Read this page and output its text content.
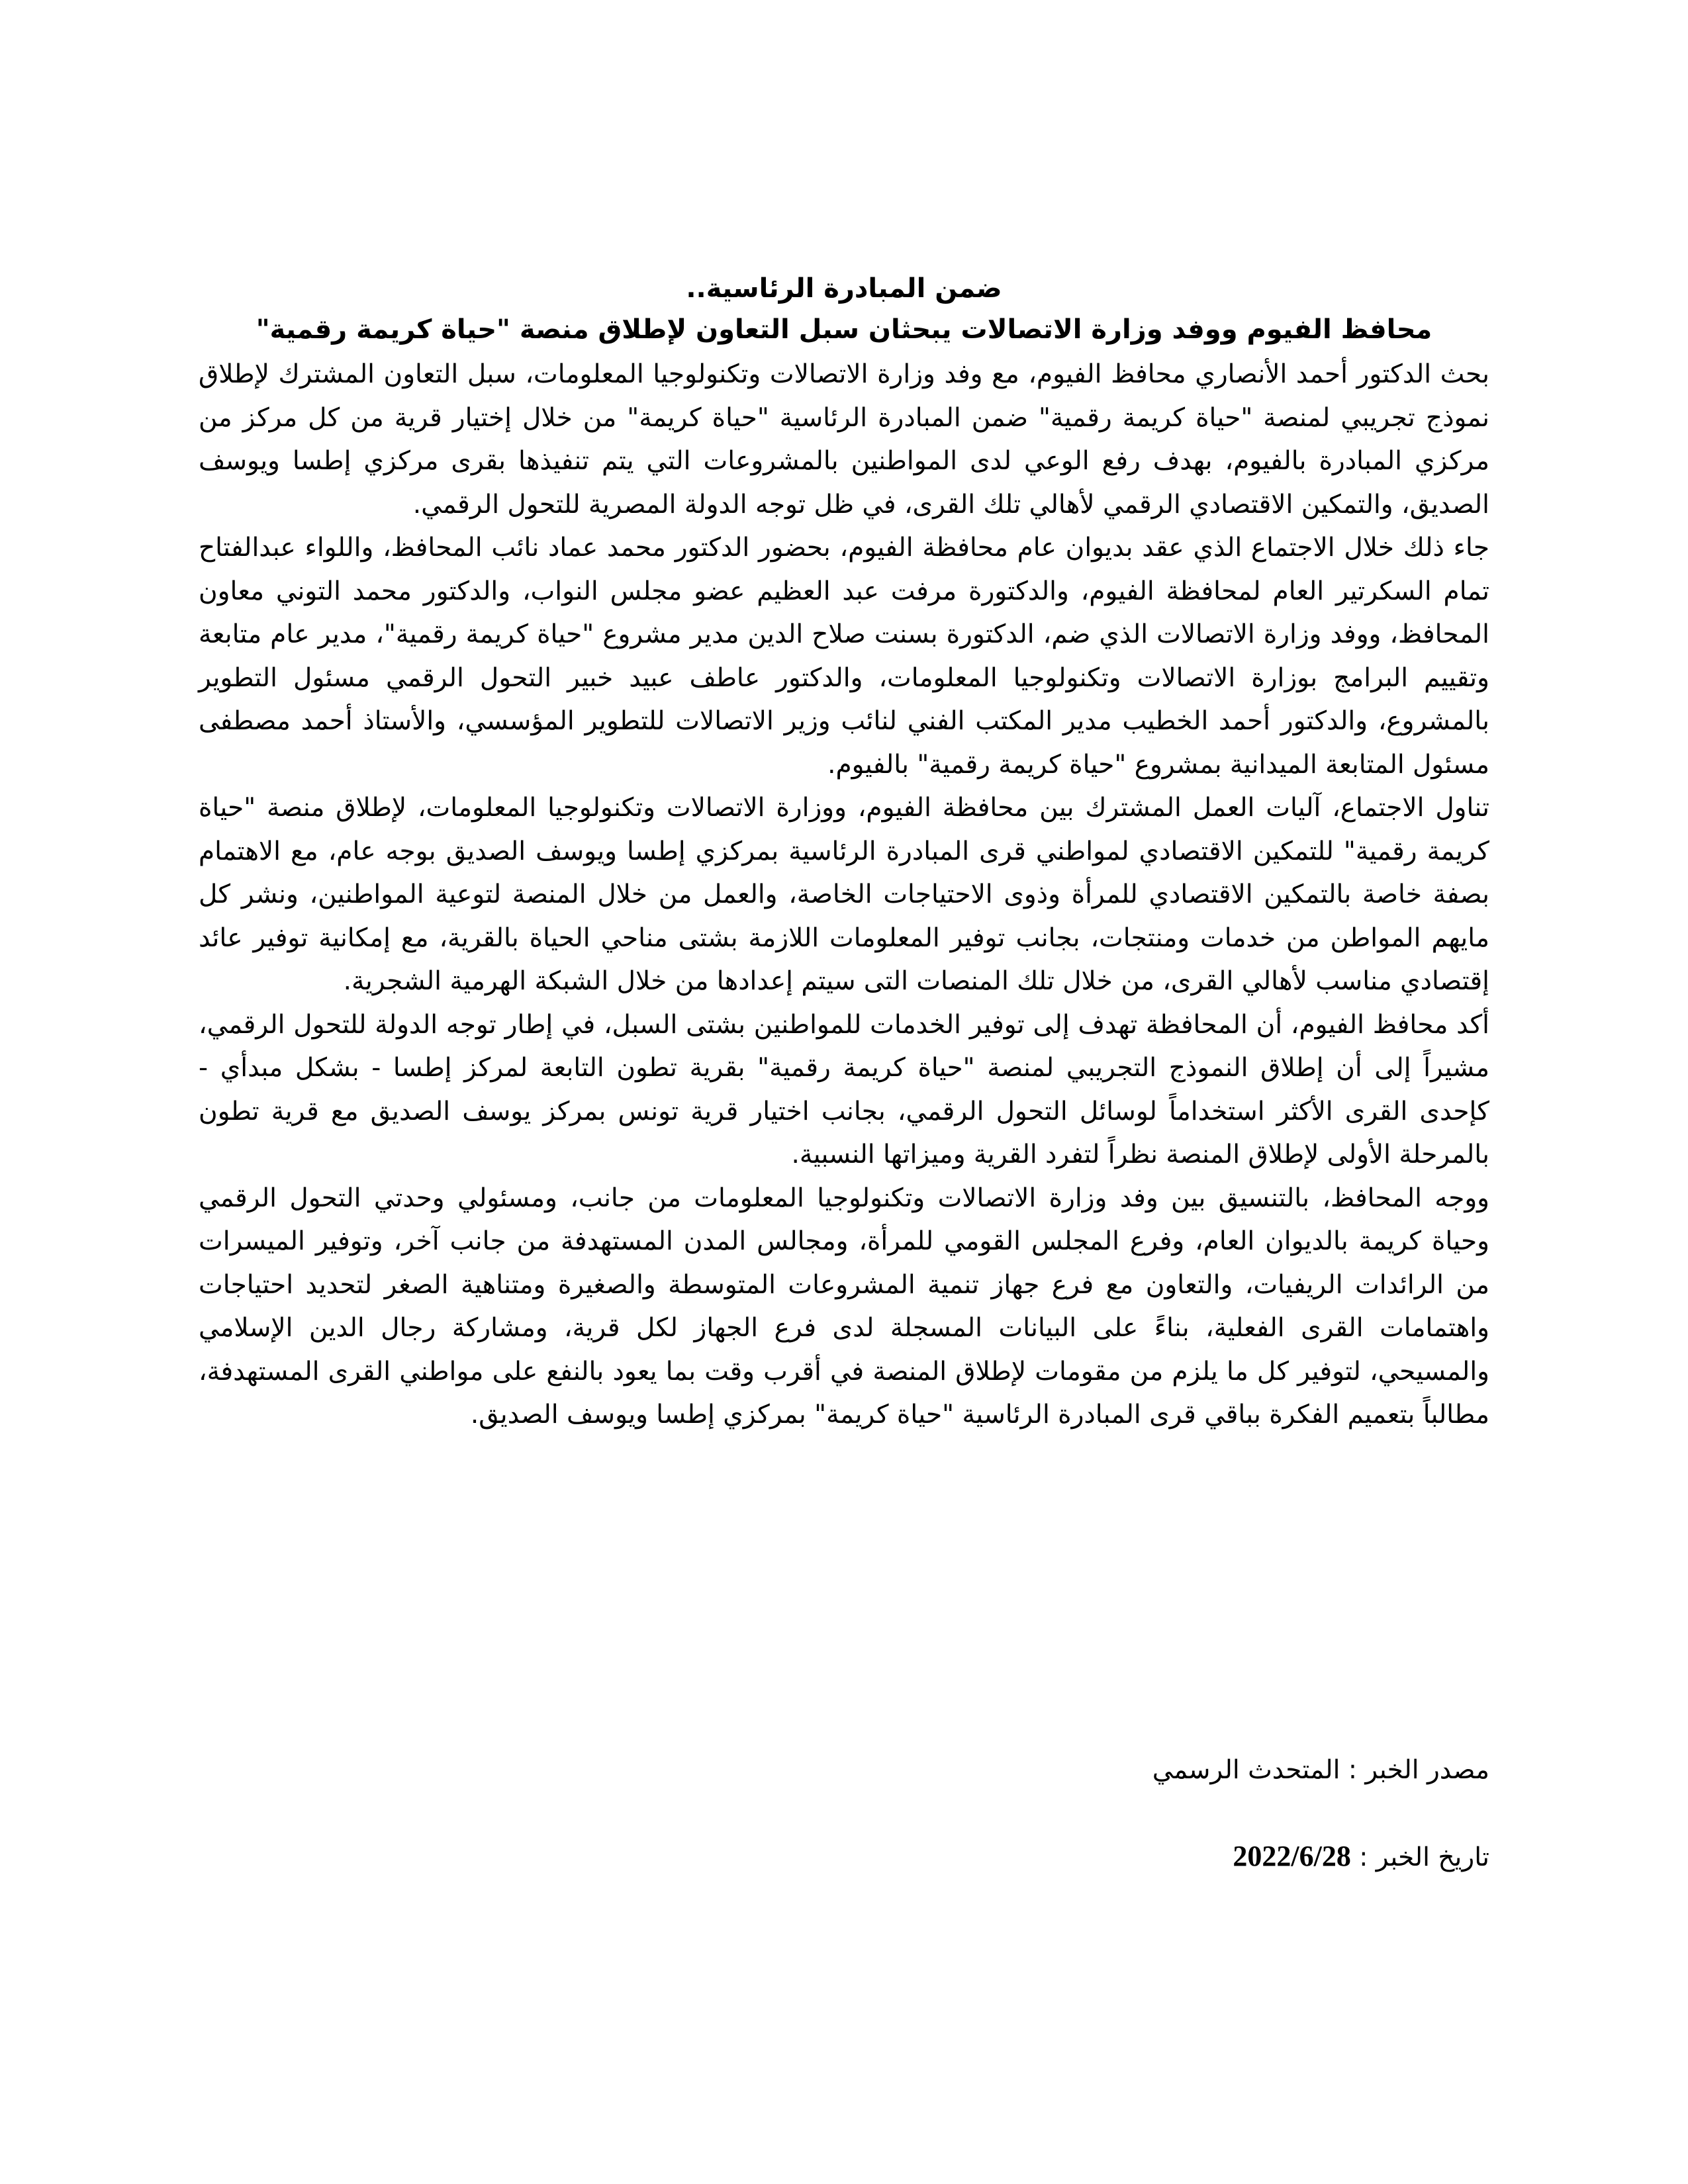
ضمن المبادرة الرئاسية..

محافظ الفيوم ووفد وزارة الاتصالات يبحثان سبل التعاون لإطلاق منصة "حياة كريمة رقمية"

بحث الدكتور أحمد الأنصاري محافظ الفيوم، مع وفد وزارة الاتصالات وتكنولوجيا المعلومات، سبل التعاون المشترك لإطلاق نموذج تجريبي لمنصة "حياة كريمة رقمية" ضمن المبادرة الرئاسية "حياة كريمة" من خلال إختيار قرية من كل مركز من مركزي المبادرة بالفيوم، بهدف رفع الوعي لدى المواطنين بالمشروعات التي يتم تنفيذها بقرى مركزي إطسا ويوسف الصديق، والتمكين الاقتصادي الرقمي لأهالي تلك القرى، في ظل توجه الدولة المصرية للتحول الرقمي.

جاء ذلك خلال الاجتماع الذي عقد بديوان عام محافظة الفيوم، بحضور الدكتور محمد عماد نائب المحافظ، واللواء عبدالفتاح تمام السكرتير العام لمحافظة الفيوم، والدكتورة مرفت عبد العظيم عضو مجلس النواب، والدكتور محمد التوني معاون المحافظ، ووفد وزارة الاتصالات الذي ضم، الدكتورة بسنت صلاح الدين مدير مشروع "حياة كريمة رقمية"، مدير عام متابعة وتقييم البرامج بوزارة الاتصالات وتكنولوجيا المعلومات، والدكتور عاطف عبيد خبير التحول الرقمي مسئول التطوير بالمشروع، والدكتور أحمد الخطيب مدير المكتب الفني لنائب وزير الاتصالات للتطوير المؤسسي، والأستاذ أحمد مصطفى مسئول المتابعة الميدانية بمشروع "حياة كريمة رقمية" بالفيوم.

تناول الاجتماع، آليات العمل المشترك بين محافظة الفيوم، ووزارة الاتصالات وتكنولوجيا المعلومات، لإطلاق منصة "حياة كريمة رقمية" للتمكين الاقتصادي لمواطني قرى المبادرة الرئاسية بمركزي إطسا ويوسف الصديق بوجه عام، مع الاهتمام بصفة خاصة بالتمكين الاقتصادي للمرأة وذوى الاحتياجات الخاصة، والعمل من خلال المنصة لتوعية المواطنين، ونشر كل مايهم المواطن من خدمات ومنتجات، بجانب توفير المعلومات اللازمة بشتى مناحي الحياة بالقرية، مع إمكانية توفير عائد إقتصادي مناسب لأهالي القرى، من خلال تلك المنصات التى سيتم إعدادها من خلال الشبكة الهرمية الشجرية.

أكد محافظ الفيوم، أن المحافظة تهدف إلى توفير الخدمات للمواطنين بشتى السبل، في إطار توجه الدولة للتحول الرقمي، مشيراً إلى أن إطلاق النموذج التجريبي لمنصة "حياة كريمة رقمية" بقرية تطون التابعة لمركز إطسا - بشكل مبدأي - كإحدى القرى الأكثر استخداماً لوسائل التحول الرقمي، بجانب اختيار قرية تونس بمركز يوسف الصديق مع قرية تطون بالمرحلة الأولى لإطلاق المنصة نظراً لتفرد القرية وميزاتها النسبية.

ووجه المحافظ، بالتنسيق بين وفد وزارة الاتصالات وتكنولوجيا المعلومات من جانب، ومسئولي وحدتي التحول الرقمي وحياة كريمة بالديوان العام، وفرع المجلس القومي للمرأة، ومجالس المدن المستهدفة من جانب آخر، وتوفير الميسرات من الرائدات الريفيات، والتعاون مع فرع جهاز تنمية المشروعات المتوسطة والصغيرة ومتناهية الصغر لتحديد احتياجات واهتمامات القرى الفعلية، بناءً على البيانات المسجلة لدى فرع الجهاز لكل قرية، ومشاركة رجال الدين الإسلامي والمسيحي، لتوفير كل ما يلزم من مقومات لإطلاق المنصة في أقرب وقت بما يعود بالنفع على مواطني القرى المستهدفة، مطالباً بتعميم الفكرة بباقي قرى المبادرة الرئاسية "حياة كريمة" بمركزي إطسا ويوسف الصديق.

مصدر الخبر : المتحدث الرسمي
تاريخ الخبر : 2022/6/28
